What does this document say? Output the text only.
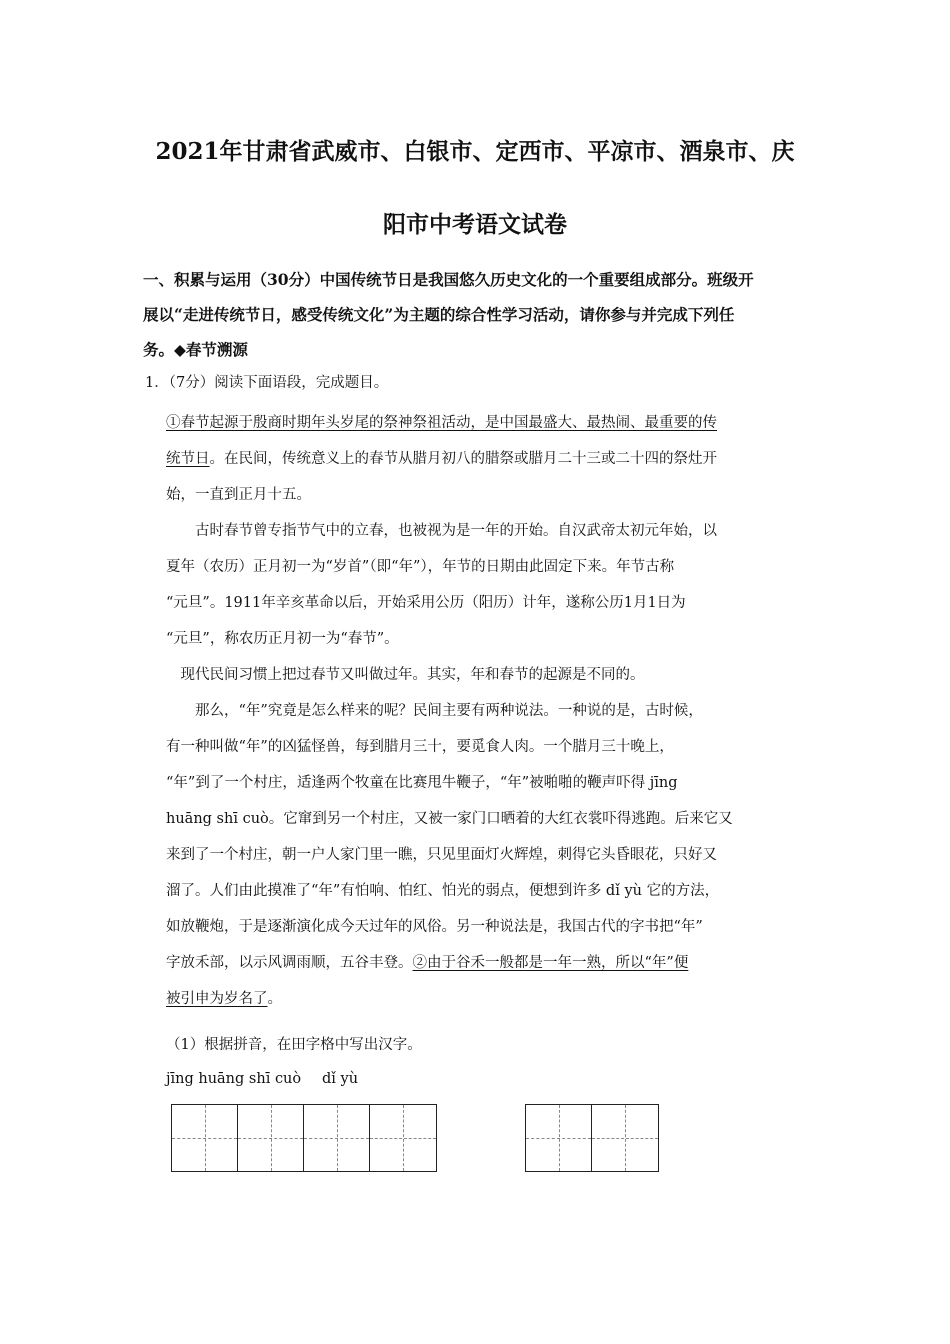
2021年甘肃省武威市、白银市、定西市、平凉市、酒泉市、庆
阳市中考语文试卷
一、积累与运用（30分）中国传统节日是我国悠久历史文化的一个重要组成部分。班级开
展以“走进传统节日，感受传统文化”为主题的综合性学习活动，请你参与并完成下列任
务。◆春节溯源
1．（7分）阅读下面语段，完成题目。
①春节起源于殷商时期年头岁尾的祭神祭祖活动，是中国最盛大、最热闹、最重要的传
统节日。在民间，传统意义上的春节从腊月初八的腊祭或腊月二十三或二十四的祭灶开
始，一直到正月十五。
　　古时春节曾专指节气中的立春，也被视为是一年的开始。自汉武帝太初元年始，以
夏年（农历）正月初一为“岁首”（即“年”），年节的日期由此固定下来。年节古称
“元旦”。1911年辛亥革命以后，开始采用公历（阳历）计年，遂称公历1月1日为
“元旦”，称农历正月初一为“春节”。
　现代民间习惯上把过春节又叫做过年。其实，年和春节的起源是不同的。
　　那么，“年”究竟是怎么样来的呢？民间主要有两种说法。一种说的是，古时候，
有一种叫做“年”的凶猛怪兽，每到腊月三十，要觅食人肉。一个腊月三十晚上，
“年”到了一个村庄，适逢两个牧童在比赛甩牛鞭子，“年”被啪啪的鞭声吓得 jīng
huāng shī cuò。它窜到另一个村庄，又被一家门口晒着的大红衣裳吓得逃跑。后来它又
来到了一个村庄，朝一户人家门里一瞧，只见里面灯火辉煌，刺得它头昏眼花，只好又
溜了。人们由此摸准了“年”有怕响、怕红、怕光的弱点，便想到许多 dǐ yù 它的方法，
如放鞭炮，于是逐渐演化成今天过年的风俗。另一种说法是，我国古代的字书把“年”
字放禾部，以示风调雨顺，五谷丰登。②由于谷禾一般都是一年一熟，所以“年”便
被引申为岁名了。
（1）根据拼音，在田字格中写出汉字。
jīng huāng shī cuò dǐ yù
